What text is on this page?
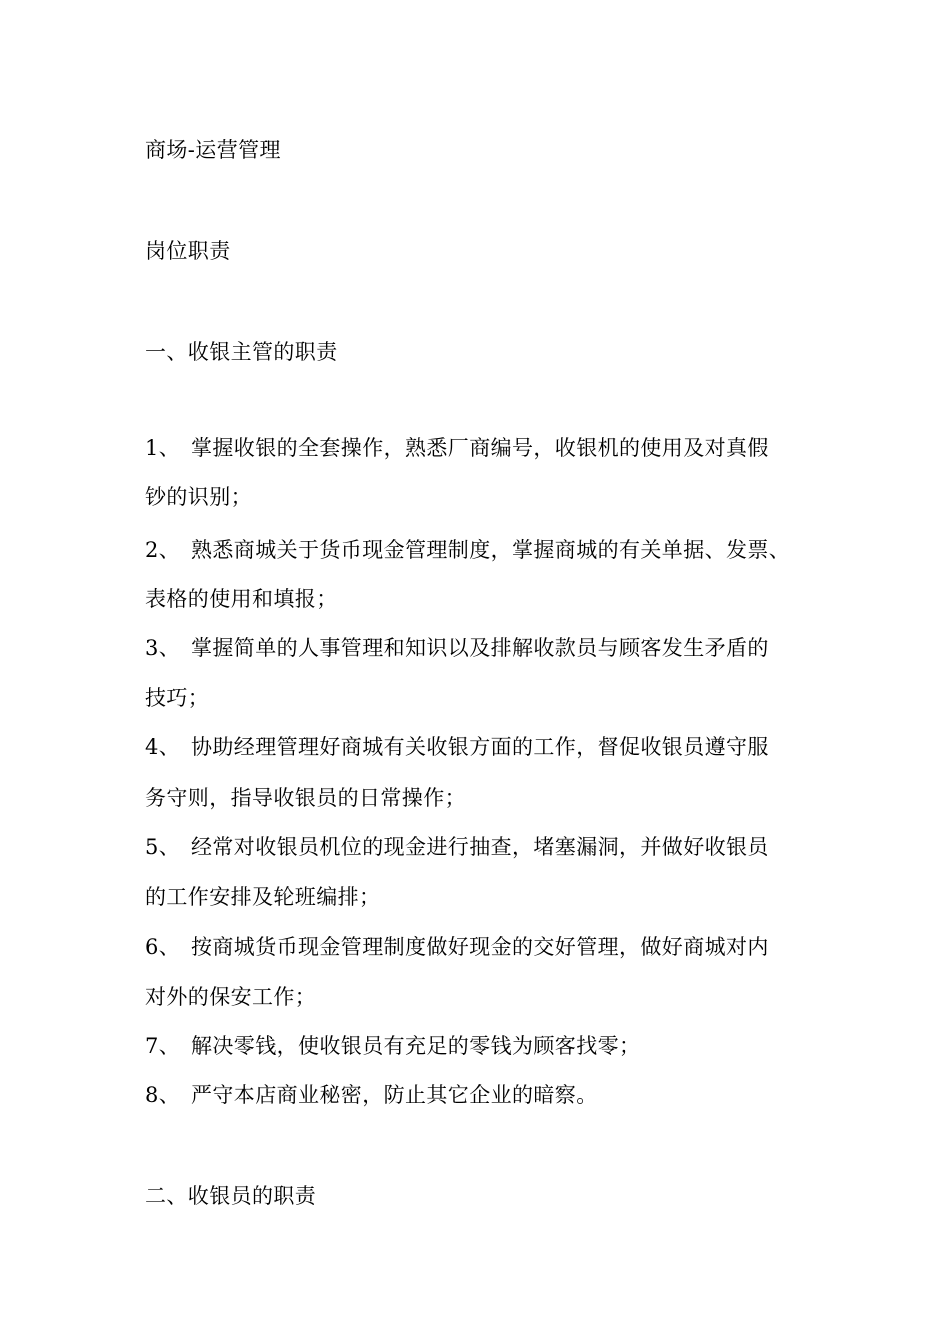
商场-运营管理
岗位职责
一、收银主管的职责
1、 掌握收银的全套操作，熟悉厂商编号，收银机的使用及对真假
钞的识别；
2、 熟悉商城关于货币现金管理制度，掌握商城的有关单据、发票、
表格的使用和填报；
3、 掌握简单的人事管理和知识以及排解收款员与顾客发生矛盾的
技巧；
4、 协助经理管理好商城有关收银方面的工作，督促收银员遵守服
务守则，指导收银员的日常操作；
5、 经常对收银员机位的现金进行抽查，堵塞漏洞，并做好收银员
的工作安排及轮班编排；
6、 按商城货币现金管理制度做好现金的交好管理，做好商城对内
对外的保安工作；
7、 解决零钱，使收银员有充足的零钱为顾客找零；
8、 严守本店商业秘密，防止其它企业的暗察。
二、收银员的职责
